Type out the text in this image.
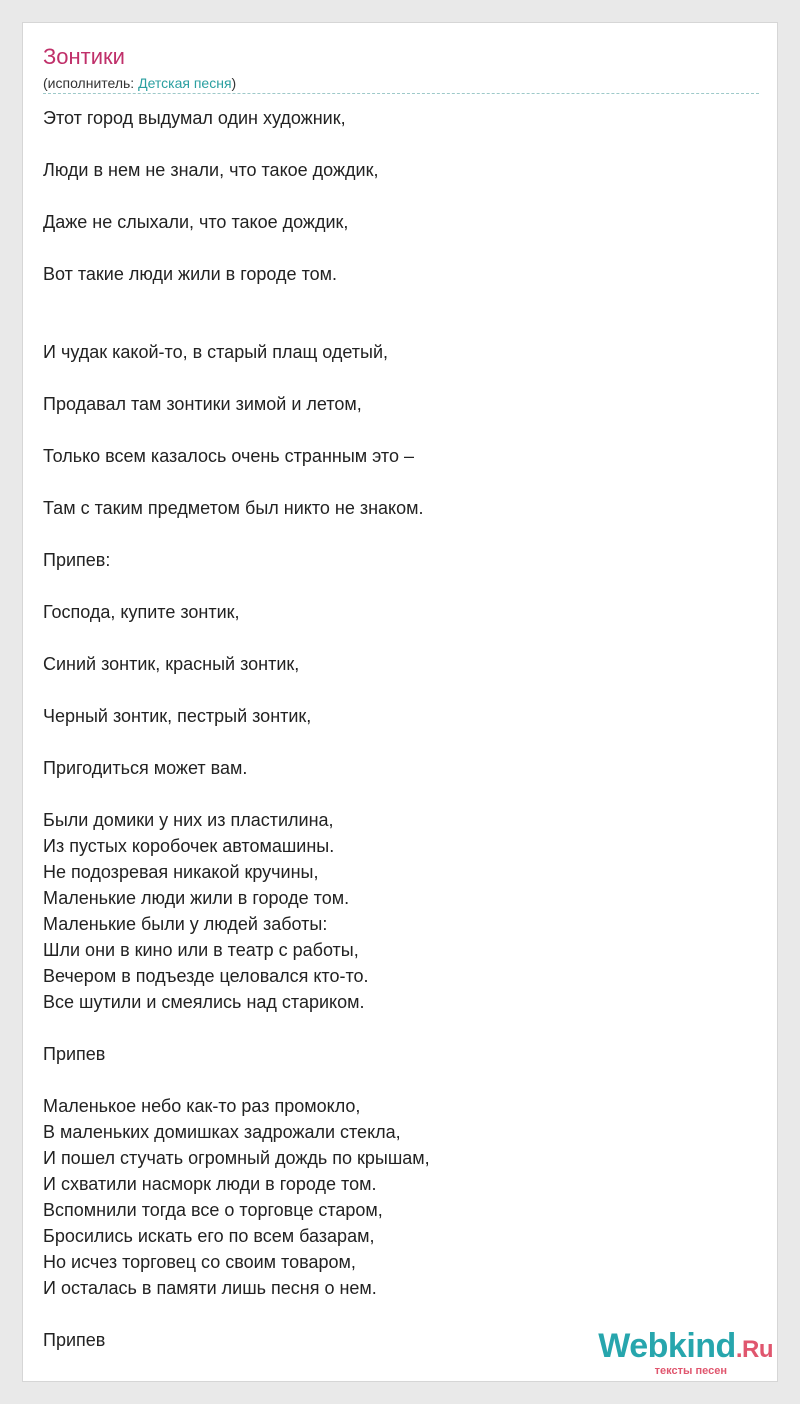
Зонтики
(исполнитель: Детская песня)
Этот город выдумал один художник,

Люди в нем не знали, что такое дождик,

Даже не слыхали, что такое дождик,

Вот такие люди жили в городе том.

И чудак какой-то, в старый плащ одетый,

Продавал там зонтики зимой и летом,

Только всем казалось очень странным это –

Там с таким предметом был никто не знаком.

Припев:

Господа, купите зонтик,

Синий зонтик, красный зонтик,

Черный зонтик, пестрый зонтик,

Пригодиться может вам.

Были домики у них из пластилина,
Из пустых коробочек автомашины.
Не подозревая никакой кручины,
Маленькие люди жили в городе том.
Маленькие были у людей заботы:
Шли они в кино или в театр с работы,
Вечером в подъезде целовался кто-то.
Все шутили и смеялись над стариком.

Припев

Маленькое небо как-то раз промокло,
В маленьких домишках задрожали стекла,
И пошел стучать огромный дождь по крышам,
И схватили насморк люди в городе том.
Вспомнили тогда все о торговце старом,
Бросились искать его по всем базарам,
Но исчез торговец со своим товаром,
И осталась в памяти лишь песня о нем.

Припев	Webkind.Ru
тексты песен
